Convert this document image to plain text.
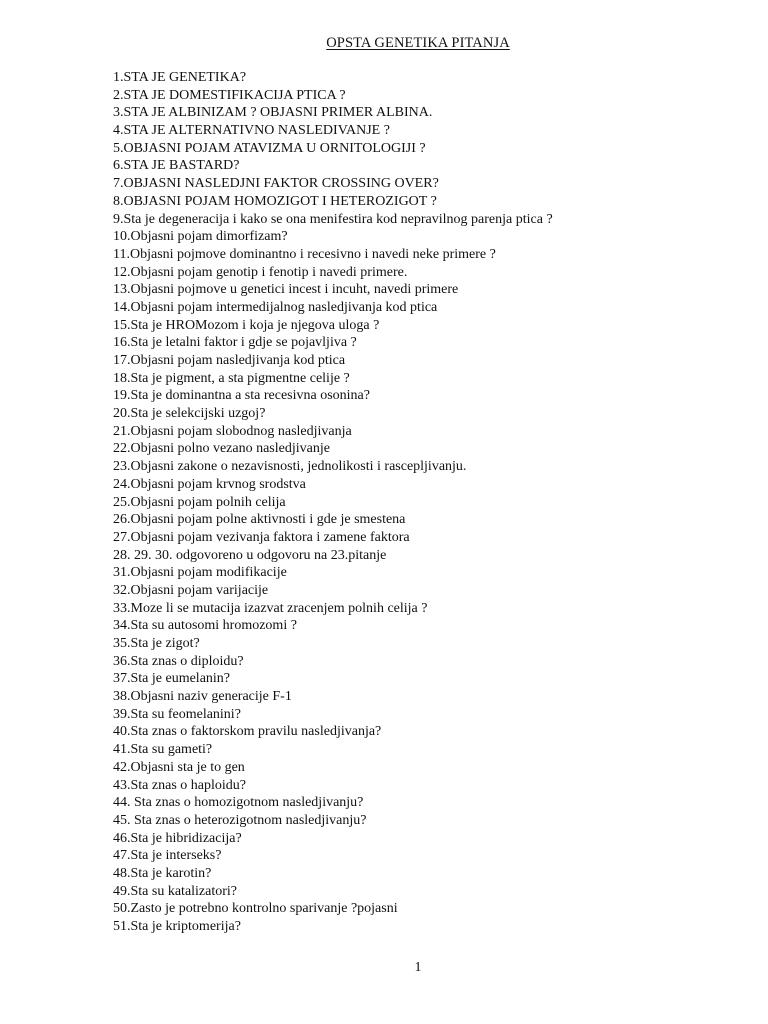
OPSTA GENETIKA PITANJA
1.STA JE GENETIKA?
2.STA JE DOMESTIFIKACIJA PTICA ?
3.STA JE ALBINIZAM ? OBJASNI PRIMER ALBINA.
4.STA JE ALTERNATIVNO NASLEDIVANJE ?
5.OBJASNI POJAM ATAVIZMA U ORNITOLOGIJI ?
6.STA JE BASTARD?
7.OBJASNI NASLEDJNI FAKTOR CROSSING OVER?
8.OBJASNI POJAM HOMOZIGOT I HETEROZIGOT ?
9.Sta je degeneracija i kako se ona menifestira kod nepravilnog parenja ptica ?
10.Objasni pojam dimorfizam?
11.Objasni pojmove dominantno i recesivno i navedi neke primere ?
12.Objasni pojam genotip i fenotip i navedi primere.
13.Objasni pojmove u genetici incest i incuht, navedi primere
14.Objasni pojam intermedijalnog nasledjivanja kod ptica
15.Sta je HROMozom i koja je njegova uloga ?
16.Sta je letalni faktor i gdje se pojavljiva ?
17.Objasni pojam nasledjivanja kod ptica
18.Sta je pigment, a sta pigmentne celije ?
19.Sta je dominantna a sta recesivna osonina?
20.Sta je selekcijski uzgoj?
21.Objasni pojam slobodnog nasledjivanja
22.Objasni polno vezano nasledjivanje
23.Objasni zakone o nezavisnosti, jednolikosti i rascepljivanju.
24.Objasni pojam krvnog srodstva
25.Objasni pojam polnih celija
26.Objasni pojam polne aktivnosti i gde je smestena
27.Objasni pojam vezivanja faktora i zamene faktora
28. 29. 30. odgovoreno u odgovoru na 23.pitanje
31.Objasni pojam modifikacije
32.Objasni pojam varijacije
33.Moze li se mutacija izazvat zracenjem polnih celija ?
34.Sta su autosomi hromozomi ?
35.Sta je zigot?
36.Sta znas o diploidu?
37.Sta je eumelanin?
38.Objasni naziv generacije F-1
39.Sta su feomelanini?
40.Sta znas o faktorskom pravilu nasledjivanja?
41.Sta su gameti?
42.Objasni sta je to gen
43.Sta znas o haploidu?
44. Sta znas o homozigotnom nasledjivanju?
45. Sta znas o heterozigotnom nasledjivanju?
46.Sta je hibridizacija?
47.Sta je interseks?
48.Sta je karotin?
49.Sta su katalizatori?
50.Zasto je potrebno kontrolno sparivanje ?pojasni
51.Sta je kriptomerija?
1
